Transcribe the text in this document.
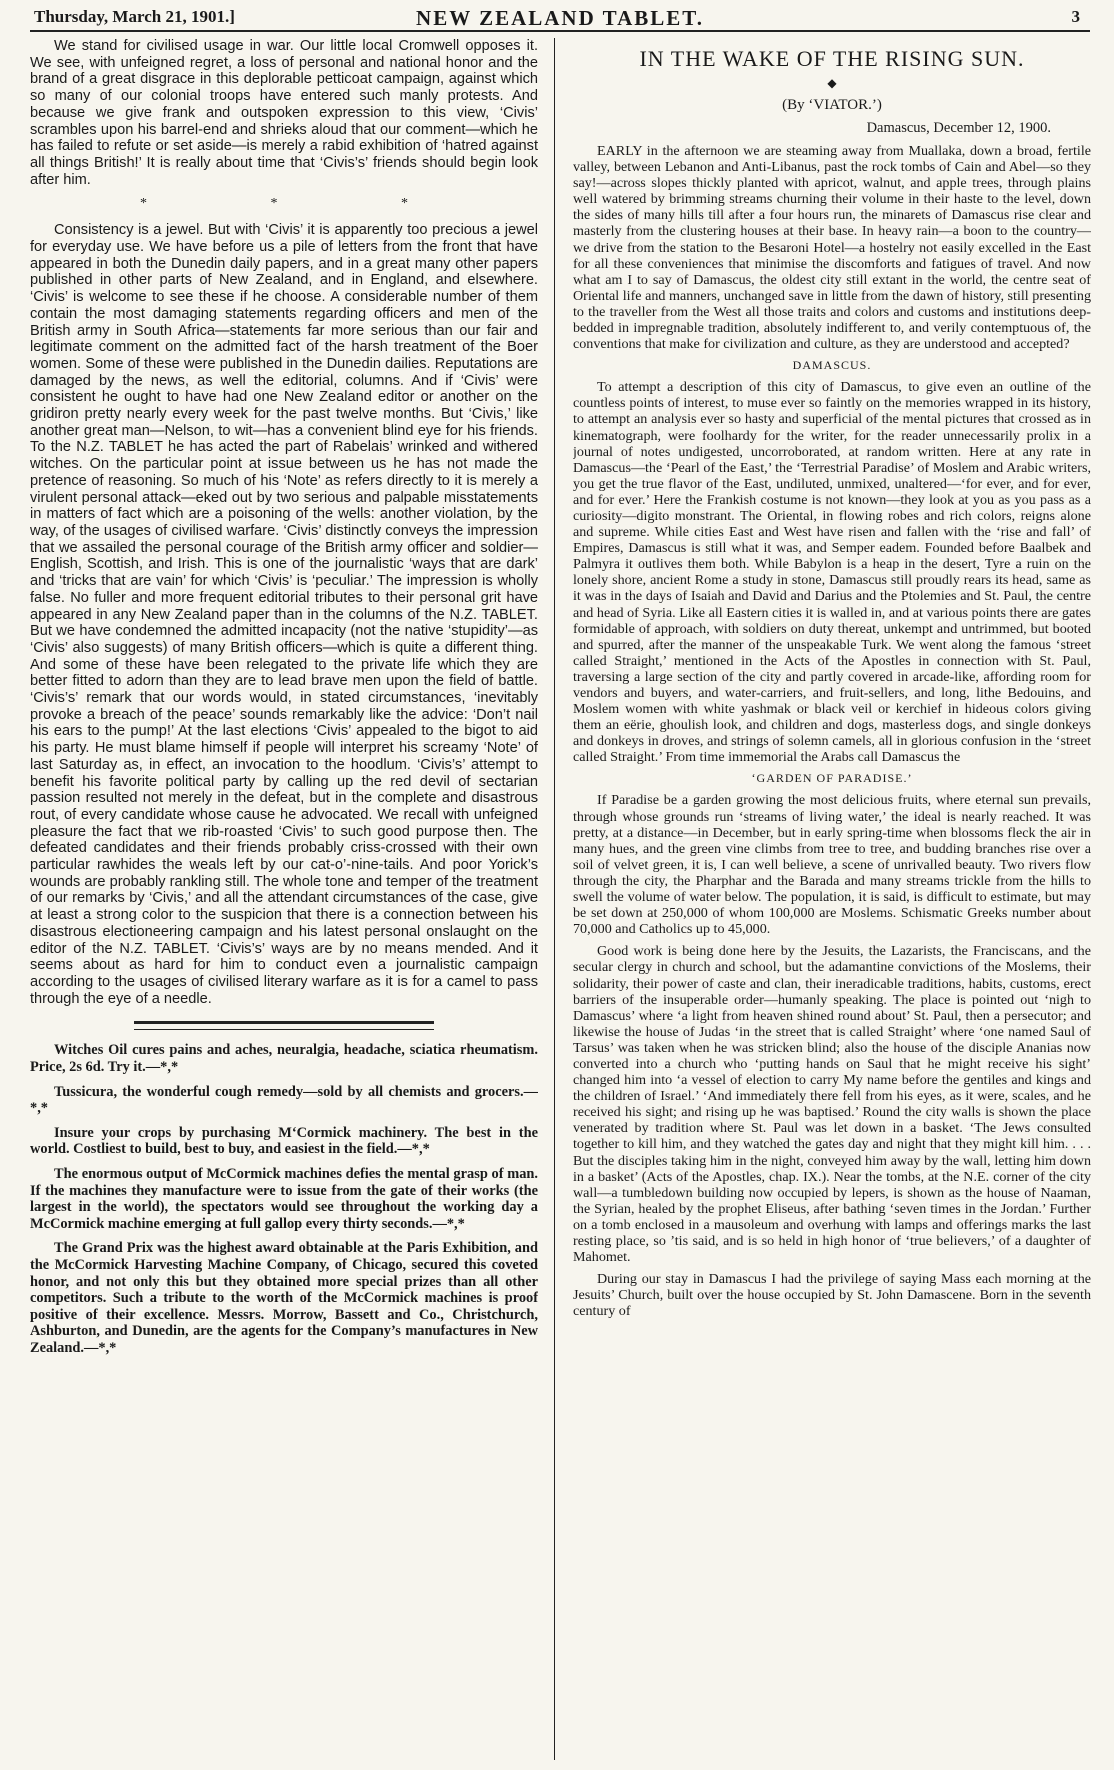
Thursday, March 21, 1901.]	NEW ZEALAND TABLET.	3

We stand for civilised usage in war. Our little local Cromwell opposes it. We see, with unfeigned regret, a loss of personal and national honor and the brand of a great disgrace in this deplorable petticoat campaign, against which so many of our colonial troops have entered such manly protests. And because we give frank and outspoken expression to this view, ‘Civis’ scrambles upon his barrel-end and shrieks aloud that our comment—which he has failed to refute or set aside—is merely a rabid exhibition of ‘hatred against all things British!’ It is really about time that ‘Civis’s’ friends should begin look after him.

* * *

Consistency is a jewel. But with ‘Civis’ it is apparently too precious a jewel for everyday use. We have before us a pile of letters from the front that have appeared in both the Dunedin daily papers, and in a great many other papers published in other parts of New Zealand, and in England, and elsewhere. ‘Civis’ is welcome to see these if he choose. A considerable number of them contain the most damaging statements regarding officers and men of the British army in South Africa—statements far more serious than our fair and legitimate comment on the admitted fact of the harsh treatment of the Boer women. Some of these were published in the Dunedin dailies. Reputations are damaged by the news, as well the editorial, columns. And if ‘Civis’ were consistent he ought to have had one New Zealand editor or another on the gridiron pretty nearly every week for the past twelve months. But ‘Civis,’ like another great man—Nelson, to wit—has a convenient blind eye for his friends. To the N.Z. TABLET he has acted the part of Rabelais’ wrinked and withered witches. On the particular point at issue between us he has not made the pretence of reasoning. So much of his ‘Note’ as refers directly to it is merely a virulent personal attack—eked out by two serious and palpable misstatements in matters of fact which are a poisoning of the wells: another violation, by the way, of the usages of civilised warfare. ‘Civis’ distinctly conveys the impression that we assailed the personal courage of the British army officer and soldier—English, Scottish, and Irish. This is one of the journalistic ‘ways that are dark’ and ‘tricks that are vain’ for which ‘Civis’ is ‘peculiar.’ The impression is wholly false. No fuller and more frequent editorial tributes to their personal grit have appeared in any New Zealand paper than in the columns of the N.Z. TABLET. But we have condemned the admitted incapacity (not the native ‘stupidity’—as ‘Civis’ also suggests) of many British officers—which is quite a different thing. And some of these have been relegated to the private life which they are better fitted to adorn than they are to lead brave men upon the field of battle. ‘Civis’s’ remark that our words would, in stated circumstances, ‘inevitably provoke a breach of the peace’ sounds remarkably like the advice: ‘Don’t nail his ears to the pump!’ At the last elections ‘Civis’ appealed to the bigot to aid his party. He must blame himself if people will interpret his screamy ‘Note’ of last Saturday as, in effect, an invocation to the hoodlum. ‘Civis’s’ attempt to benefit his favorite political party by calling up the red devil of sectarian passion resulted not merely in the defeat, but in the complete and disastrous rout, of every candidate whose cause he advocated. We recall with unfeigned pleasure the fact that we rib-roasted ‘Civis’ to such good purpose then. The defeated candidates and their friends probably criss-crossed with their own particular rawhides the weals left by our cat-o’-nine-tails. And poor Yorick’s wounds are probably rankling still. The whole tone and temper of the treatment of our remarks by ‘Civis,’ and all the attendant circumstances of the case, give at least a strong color to the suspicion that there is a connection between his disastrous electioneering campaign and his latest personal onslaught on the editor of the N.Z. TABLET. ‘Civis’s’ ways are by no means mended. And it seems about as hard for him to conduct even a journalistic campaign according to the usages of civilised literary warfare as it is for a camel to pass through the eye of a needle.

Witches Oil cures pains and aches, neuralgia, headache, sciatica rheumatism. Price, 2s 6d. Try it.—*,*

Tussicura, the wonderful cough remedy—sold by all chemists and grocers.—*,*

Insure your crops by purchasing M‘Cormick machinery. The best in the world. Costliest to build, best to buy, and easiest in the field.—*,*

The enormous output of McCormick machines defies the mental grasp of man. If the machines they manufacture were to issue from the gate of their works (the largest in the world), the spectators would see throughout the working day a McCormick machine emerging at full gallop every thirty seconds.—*,*

The Grand Prix was the highest award obtainable at the Paris Exhibition, and the McCormick Harvesting Machine Company, of Chicago, secured this coveted honor, and not only this but they obtained more special prizes than all other competitors. Such a tribute to the worth of the McCormick machines is proof positive of their excellence. Messrs. Morrow, Bassett and Co., Christchurch, Ashburton, and Dunedin, are the agents for the Company’s manufactures in New Zealand.—*,*

IN THE WAKE OF THE RISING SUN.
◆
(By ‘VIATOR.’)
Damascus, December 12, 1900.

EARLY in the afternoon we are steaming away from Muallaka, down a broad, fertile valley, between Lebanon and Anti-Libanus, past the rock tombs of Cain and Abel—so they say!—across slopes thickly planted with apricot, walnut, and apple trees, through plains well watered by brimming streams churning their volume in their haste to the level, down the sides of many hills till after a four hours run, the minarets of Damascus rise clear and masterly from the clustering houses at their base. In heavy rain—a boon to the country—we drive from the station to the Besaroni Hotel—a hostelry not easily excelled in the East for all these conveniences that minimise the discomforts and fatigues of travel. And now what am I to say of Damascus, the oldest city still extant in the world, the centre seat of Oriental life and manners, unchanged save in little from the dawn of history, still presenting to the traveller from the West all those traits and colors and customs and institutions deep-bedded in impregnable tradition, absolutely indifferent to, and verily contemptuous of, the conventions that make for civilization and culture, as they are understood and accepted?

DAMASCUS.

To attempt a description of this city of Damascus, to give even an outline of the countless points of interest, to muse ever so faintly on the memories wrapped in its history, to attempt an analysis ever so hasty and superficial of the mental pictures that crossed as in kinematograph, were foolhardy for the writer, for the reader unnecessarily prolix in a journal of notes undigested, uncorroborated, at random written. Here at any rate in Damascus—the ‘Pearl of the East,’ the ‘Terrestrial Paradise’ of Moslem and Arabic writers, you get the true flavor of the East, undiluted, unmixed, unaltered—‘for ever, and for ever, and for ever.’ Here the Frankish costume is not known—they look at you as you pass as a curiosity—digito monstrant. The Oriental, in flowing robes and rich colors, reigns alone and supreme. While cities East and West have risen and fallen with the ‘rise and fall’ of Empires, Damascus is still what it was, and Semper eadem. Founded before Baalbek and Palmyra it outlives them both. While Babylon is a heap in the desert, Tyre a ruin on the lonely shore, ancient Rome a study in stone, Damascus still proudly rears its head, same as it was in the days of Isaiah and David and Darius and the Ptolemies and St. Paul, the centre and head of Syria. Like all Eastern cities it is walled in, and at various points there are gates formidable of approach, with soldiers on duty thereat, unkempt and untrimmed, but booted and spurred, after the manner of the unspeakable Turk. We went along the famous ‘street called Straight,’ mentioned in the Acts of the Apostles in connection with St. Paul, traversing a large section of the city and partly covered in arcade-like, affording room for vendors and buyers, and water-carriers, and fruit-sellers, and long, lithe Bedouins, and Moslem women with white yashmak or black veil or kerchief in hideous colors giving them an eërie, ghoulish look, and children and dogs, masterless dogs, and single donkeys and donkeys in droves, and strings of solemn camels, all in glorious confusion in the ‘street called Straight.’ From time immemorial the Arabs call Damascus the

‘GARDEN OF PARADISE.’

If Paradise be a garden growing the most delicious fruits, where eternal sun prevails, through whose grounds run ‘streams of living water,’ the ideal is nearly reached. It was pretty, at a distance—in December, but in early spring-time when blossoms fleck the air in many hues, and the green vine climbs from tree to tree, and budding branches rise over a soil of velvet green, it is, I can well believe, a scene of unrivalled beauty. Two rivers flow through the city, the Pharphar and the Barada and many streams trickle from the hills to swell the volume of water below. The population, it is said, is difficult to estimate, but may be set down at 250,000 of whom 100,000 are Moslems. Schismatic Greeks number about 70,000 and Catholics up to 45,000.

Good work is being done here by the Jesuits, the Lazarists, the Franciscans, and the secular clergy in church and school, but the adamantine convictions of the Moslems, their solidarity, their power of caste and clan, their ineradicable traditions, habits, customs, erect barriers of the insuperable order—humanly speaking. The place is pointed out ‘nigh to Damascus’ where ‘a light from heaven shined round about’ St. Paul, then a persecutor; and likewise the house of Judas ‘in the street that is called Straight’ where ‘one named Saul of Tarsus’ was taken when he was stricken blind; also the house of the disciple Ananias now converted into a church who ‘putting hands on Saul that he might receive his sight’ changed him into ‘a vessel of election to carry My name before the gentiles and kings and the children of Israel.’ ‘And immediately there fell from his eyes, as it were, scales, and he received his sight; and rising up he was baptised.’ Round the city walls is shown the place venerated by tradition where St. Paul was let down in a basket. ‘The Jews consulted together to kill him, and they watched the gates day and night that they might kill him. . . . But the disciples taking him in the night, conveyed him away by the wall, letting him down in a basket’ (Acts of the Apostles, chap. IX.). Near the tombs, at the N.E. corner of the city wall—a tumbledown building now occupied by lepers, is shown as the house of Naaman, the Syrian, healed by the prophet Eliseus, after bathing ‘seven times in the Jordan.’ Further on a tomb enclosed in a mausoleum and overhung with lamps and offerings marks the last resting place, so ’tis said, and is so held in high honor of ‘true believers,’ of a daughter of Mahomet.

During our stay in Damascus I had the privilege of saying Mass each morning at the Jesuits’ Church, built over the house occupied by St. John Damascene. Born in the seventh century of
